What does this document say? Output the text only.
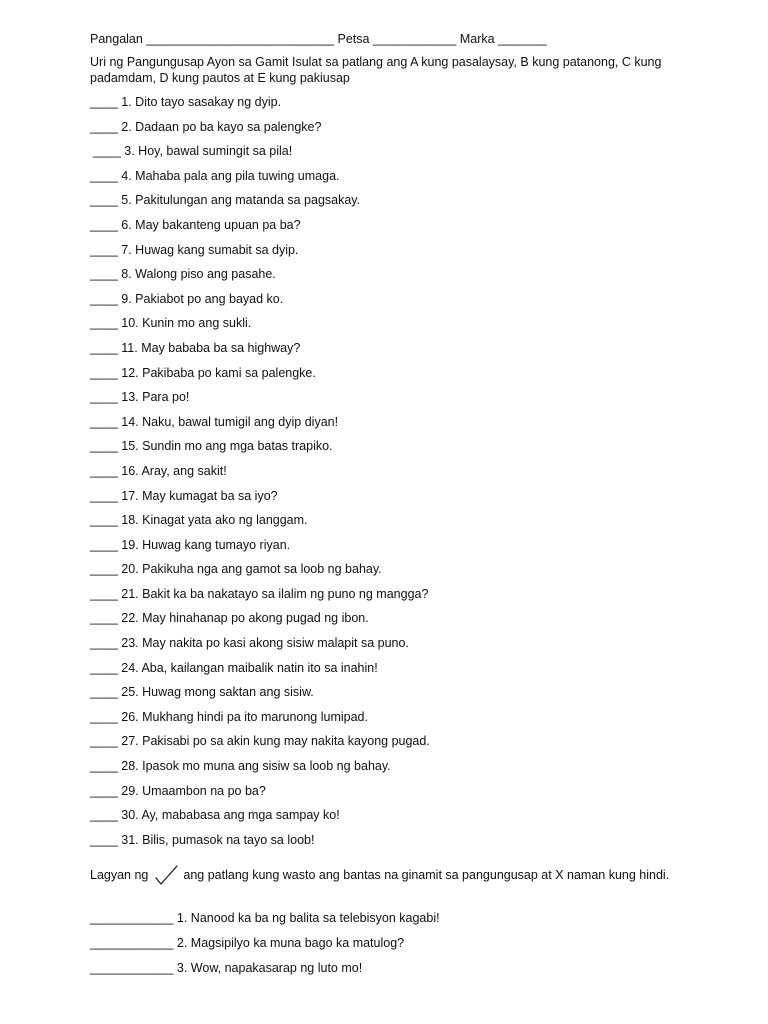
Pangalan ___________________________ Petsa ____________ Marka _______
Uri ng Pangungusap Ayon sa Gamit Isulat sa patlang ang A kung pasalaysay, B kung patanong, C kung padamdam, D kung pautos at E kung pakiusap
____ 1. Dito tayo sasakay ng dyip.
____ 2. Dadaan po ba kayo sa palengke?
____ 3. Hoy, bawal sumingit sa pila!
____ 4. Mahaba pala ang pila tuwing umaga.
____ 5. Pakitulungan ang matanda sa pagsakay.
____ 6. May bakanteng upuan pa ba?
____ 7. Huwag kang sumabit sa dyip.
____ 8. Walong piso ang pasahe.
____ 9. Pakiabot po ang bayad ko.
____ 10. Kunin mo ang sukli.
____ 11. May bababa ba sa highway?
____ 12. Pakibaba po kami sa palengke.
____ 13. Para po!
____ 14. Naku, bawal tumigil ang dyip diyan!
____ 15. Sundin mo ang mga batas trapiko.
____ 16. Aray, ang sakit!
____ 17. May kumagat ba sa iyo?
____ 18. Kinagat yata ako ng langgam.
____ 19. Huwag kang tumayo riyan.
____ 20. Pakikuha nga ang gamot sa loob ng bahay.
____ 21. Bakit ka ba nakatayo sa ilalim ng puno ng mangga?
____ 22. May hinahanap po akong pugad ng ibon.
____ 23. May nakita po kasi akong sisiw malapit sa puno.
____ 24. Aba, kailangan maibalik natin ito sa inahin!
____ 25. Huwag mong saktan ang sisiw.
____ 26. Mukhang hindi pa ito marunong lumipad.
____ 27. Pakisabi po sa akin kung may nakita kayong pugad.
____ 28. Ipasok mo muna ang sisiw sa loob ng bahay.
____ 29. Umaambon na po ba?
____ 30. Ay, mababasa ang mga sampay ko!
____ 31. Bilis, pumasok na tayo sa loob!
Lagyan ng	ang patlang kung wasto ang bantas na ginamit sa pangungusap at X naman kung hindi.
____________ 1. Nanood ka ba ng balita sa telebisyon kagabi!
____________ 2. Magsipilyo ka muna bago ka matulog?
____________ 3. Wow, napakasarap ng luto mo!
